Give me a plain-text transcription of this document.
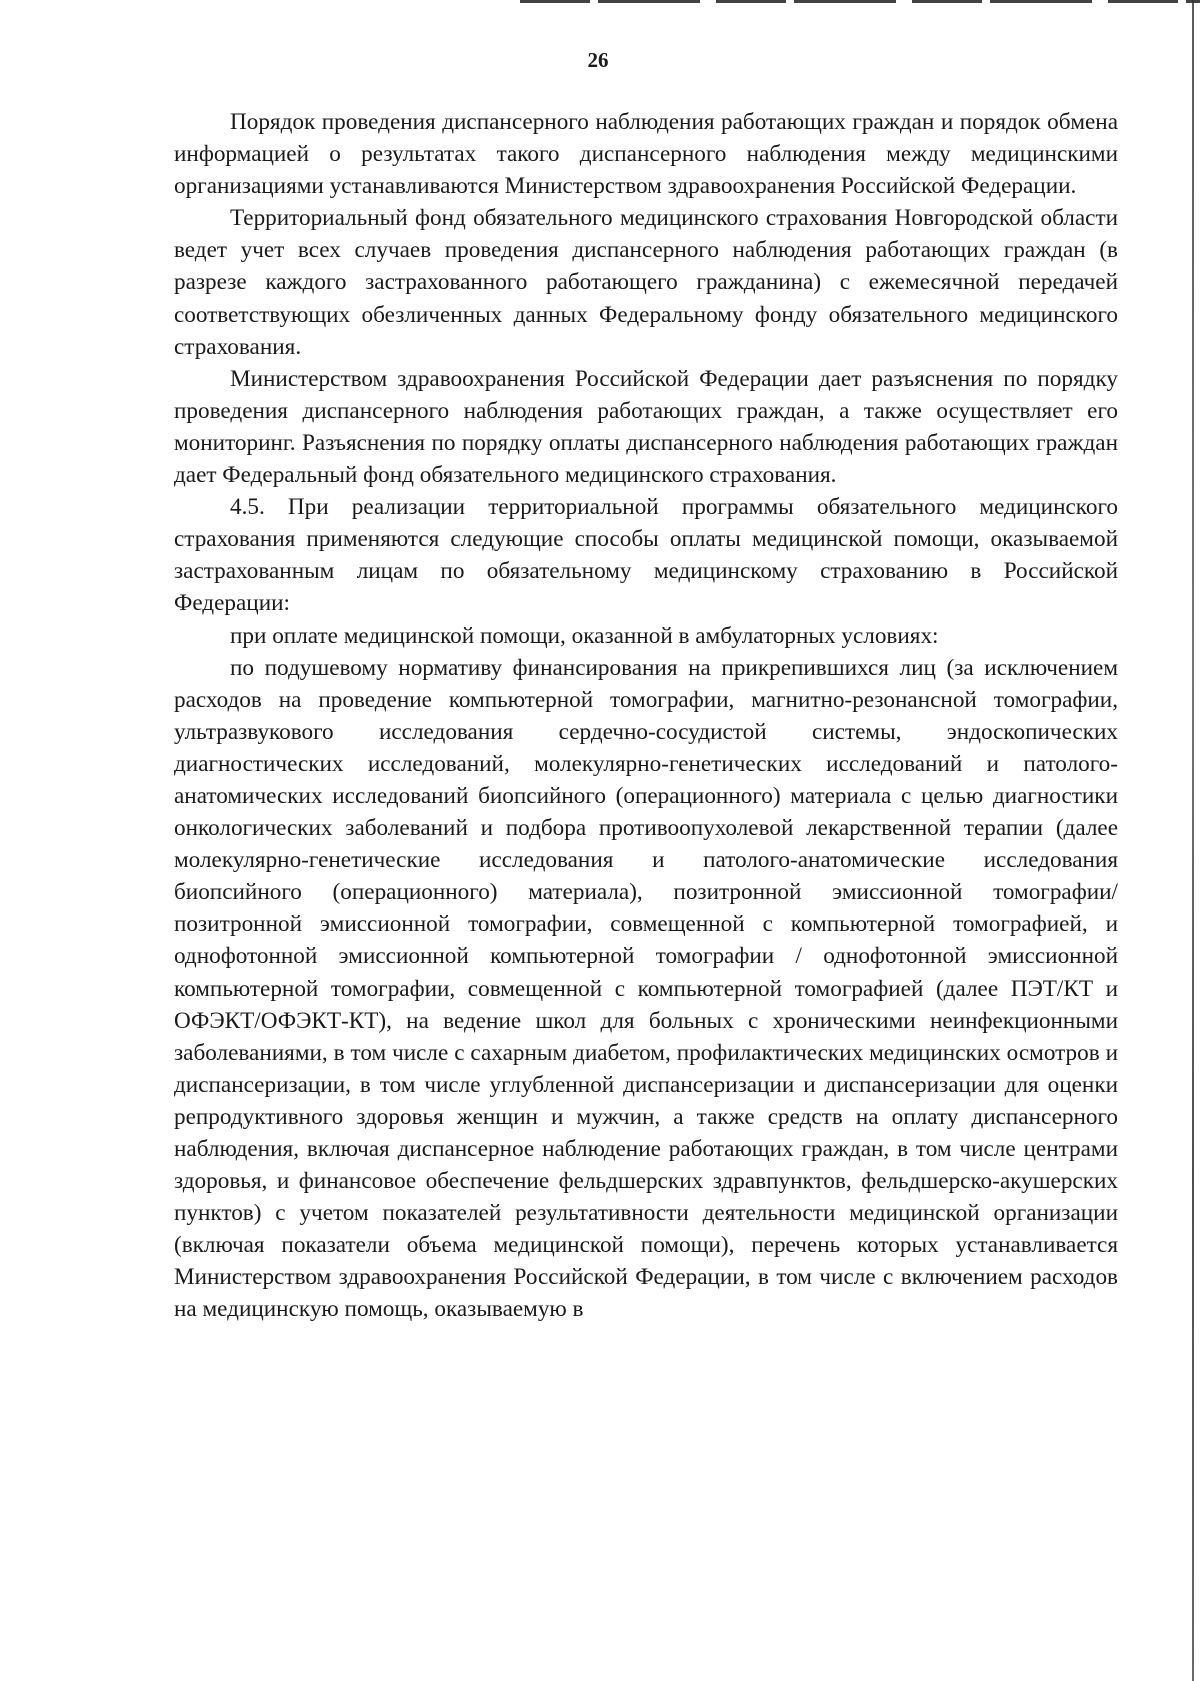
26

Порядок проведения диспансерного наблюдения работающих граждан и порядок обмена информацией о результатах такого диспансерного наблюдения между медицинскими организациями устанавливаются Министерством здравоохранения Российской Федерации.

Территориальный фонд обязательного медицинского страхования Новгородской области ведет учет всех случаев проведения диспансерного наблюдения работающих граждан (в разрезе каждого застрахованного работающего гражданина) с ежемесячной передачей соответствующих обезличенных данных Федеральному фонду обязательного медицинского страхования.

Министерством здравоохранения Российской Федерации дает разъяснения по порядку проведения диспансерного наблюдения работающих граждан, а также осуществляет его мониторинг. Разъяснения по порядку оплаты диспансерного наблюдения работающих граждан дает Федеральный фонд обязательного медицинского страхования.

4.5. При реализации территориальной программы обязательного медицинского страхования применяются следующие способы оплаты медицинской помощи, оказываемой застрахованным лицам по обязательному медицинскому страхованию в Российской Федерации:

при оплате медицинской помощи, оказанной в амбулаторных условиях:

по подушевому нормативу финансирования на прикрепившихся лиц (за исключением расходов на проведение компьютерной томографии, магнитно-резонансной томографии, ультразвукового исследования сердечно-сосудистой системы, эндоскопических диагностических исследований, молекулярно-генетических исследований и патолого-анатомических исследований биопсийного (операционного) материала с целью диагностики онкологических заболеваний и подбора противоопухолевой лекарственной терапии (далее молекулярно-генетические исследования и патолого-анатомические исследования биопсийного (операционного) материала), позитронной эмиссионной томографии/позитронной эмиссионной томографии, совмещенной с компьютерной томографией, и однофотонной эмиссионной компьютерной томографии / однофотонной эмиссионной компьютерной томографии, совмещенной с компьютерной томографией (далее ПЭТ/КТ и ОФЭКТ/ОФЭКТ-КТ), на ведение школ для больных с хроническими неинфекционными заболеваниями, в том числе с сахарным диабетом, профилактических медицинских осмотров и диспансеризации, в том числе углубленной диспансеризации и диспансеризации для оценки репродуктивного здоровья женщин и мужчин, а также средств на оплату диспансерного наблюдения, включая диспансерное наблюдение работающих граждан, в том числе центрами здоровья, и финансовое обеспечение фельдшерских здравпунктов, фельдшерско-акушерских пунктов) с учетом показателей результативности деятельности медицинской организации (включая показатели объема медицинской помощи), перечень которых устанавливается Министерством здравоохранения Российской Федерации, в том числе с включением расходов на медицинскую помощь, оказываемую в
